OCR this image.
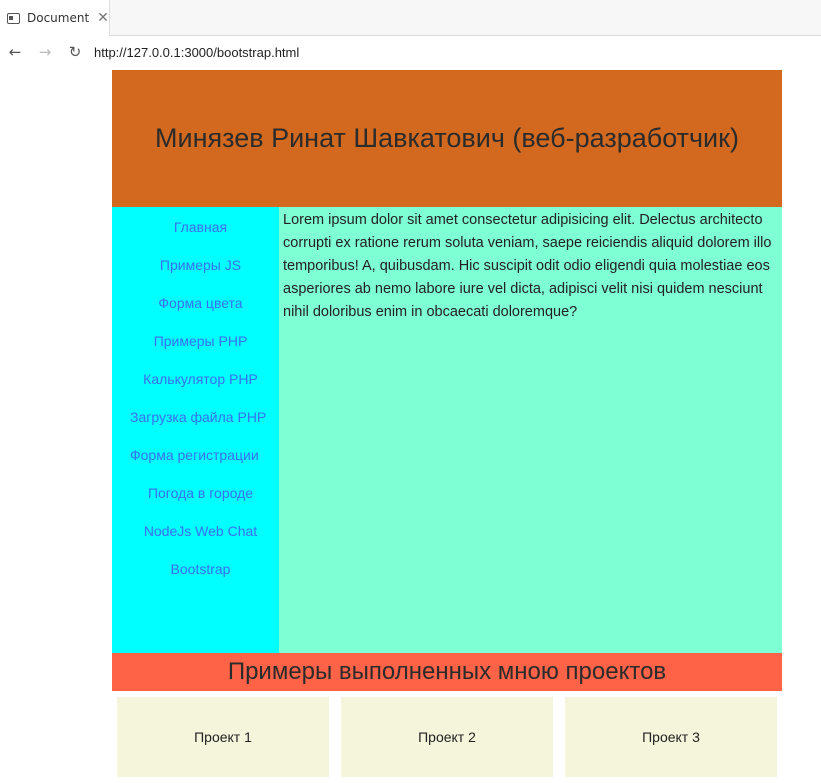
Document ✕
←	→	↻ http://127.0.0.1:3000/bootstrap.html
Минязев Ринат Шавкатович (веб-разработчик)
Главная
Примеры JS
Форма цвета
Примеры PHP
Калькулятор PHP
Загрузка файла PHP
Форма регистрации
Погода в городе
NodeJs Web Chat
Bootstrap

Lorem ipsum dolor sit amet consectetur adipisicing elit. Delectus architecto corrupti ex ratione rerum soluta veniam, saepe reiciendis aliquid dolorem illo temporibus! A, quibusdam. Hic suscipit odit odio eligendi quia molestiae eos asperiores ab nemo labore iure vel dicta, adipisci velit nisi quidem nesciunt nihil doloribus enim in obcaecati doloremque?

Примеры выполненных мною проектов
Проект 1	Проект 2	Проект 3
